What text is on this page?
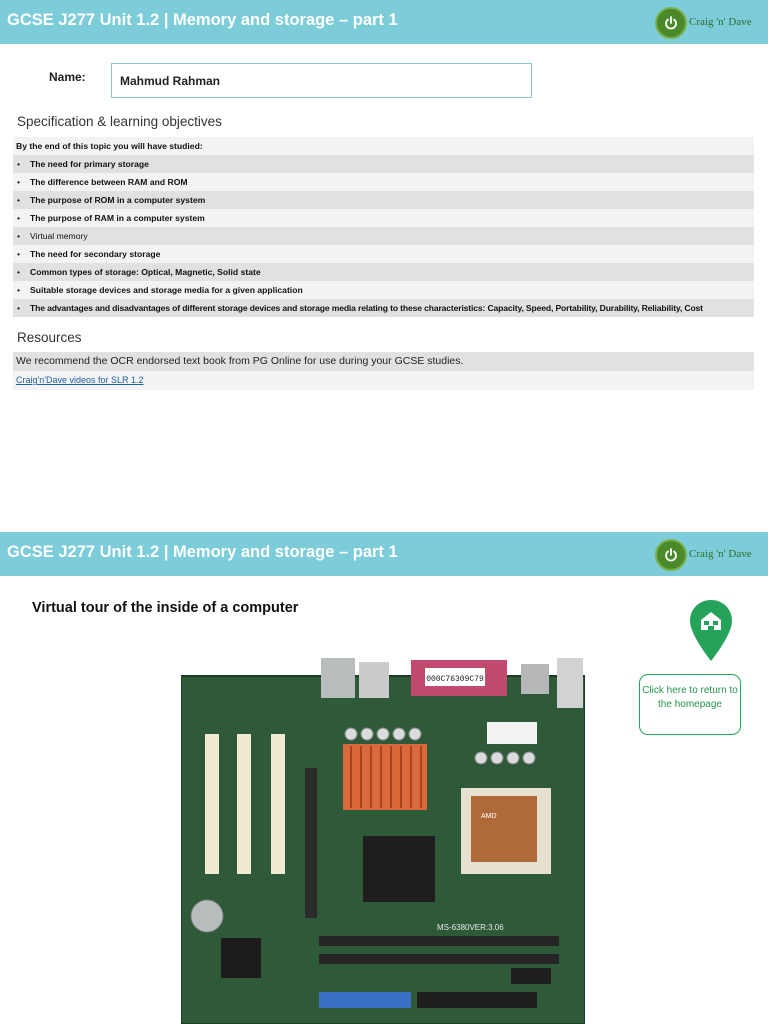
GCSE J277 Unit 1.2 | Memory and storage – part 1	Craig 'n' Dave
Name:	Mahmud Rahman
Specification & learning objectives
By the end of this topic you will have studied:
• The need for primary storage
• The difference between RAM and ROM
• The purpose of ROM in a computer system
• The purpose of RAM in a computer system
• Virtual memory
• The need for secondary storage
• Common types of storage: Optical, Magnetic, Solid state
• Suitable storage devices and storage media for a given application
• The advantages and disadvantages of different storage devices and storage media relating to these characteristics: Capacity, Speed, Portability, Durability, Reliability, Cost
Resources
We recommend the OCR endorsed text book from PG Online for use during your GCSE studies.
Craig'n'Dave videos for SLR 1.2
GCSE J277 Unit 1.2 | Memory and storage – part 1	Craig 'n' Dave
Virtual tour of the inside of a computer
Click here to return to the homepage
000C76309C79
AMD
MS-6380VER:3.06
